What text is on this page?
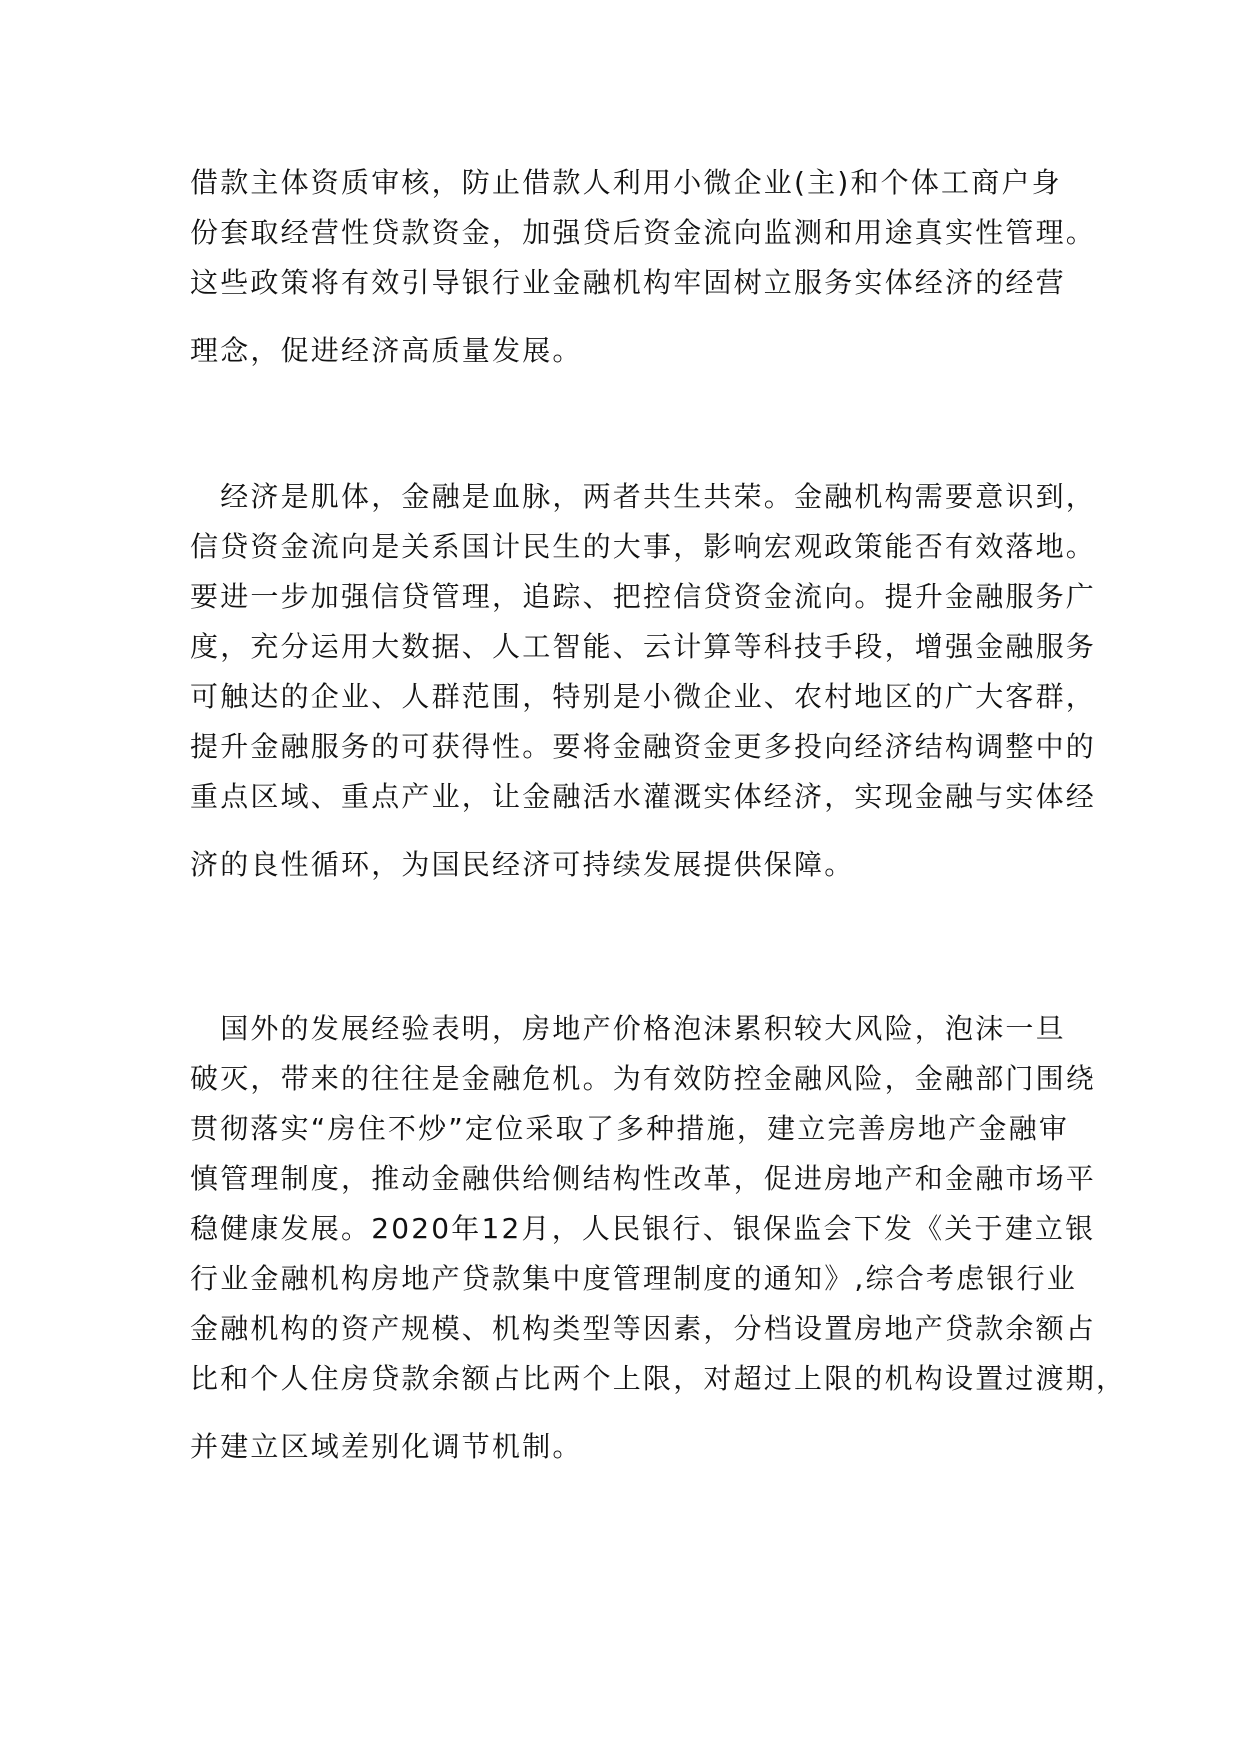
借款主体资质审核，防止借款人利用小微企业(主)和个体工商户身
份套取经营性贷款资金，加强贷后资金流向监测和用途真实性管理。
这些政策将有效引导银行业金融机构牢固树立服务实体经济的经营
理念，促进经济高质量发展。
　经济是肌体，金融是血脉，两者共生共荣。金融机构需要意识到，
信贷资金流向是关系国计民生的大事，影响宏观政策能否有效落地。
要进一步加强信贷管理，追踪、把控信贷资金流向。提升金融服务广
度，充分运用大数据、人工智能、云计算等科技手段，增强金融服务
可触达的企业、人群范围，特别是小微企业、农村地区的广大客群，
提升金融服务的可获得性。要将金融资金更多投向经济结构调整中的
重点区域、重点产业，让金融活水灌溉实体经济，实现金融与实体经
济的良性循环，为国民经济可持续发展提供保障。
　国外的发展经验表明，房地产价格泡沫累积较大风险，泡沫一旦
破灭，带来的往往是金融危机。为有效防控金融风险，金融部门围绕
贯彻落实“房住不炒”定位采取了多种措施，建立完善房地产金融审
慎管理制度，推动金融供给侧结构性改革，促进房地产和金融市场平
稳健康发展。2020年12月，人民银行、银保监会下发《关于建立银
行业金融机构房地产贷款集中度管理制度的通知》,综合考虑银行业
金融机构的资产规模、机构类型等因素，分档设置房地产贷款余额占
比和个人住房贷款余额占比两个上限，对超过上限的机构设置过渡期，
并建立区域差别化调节机制。
